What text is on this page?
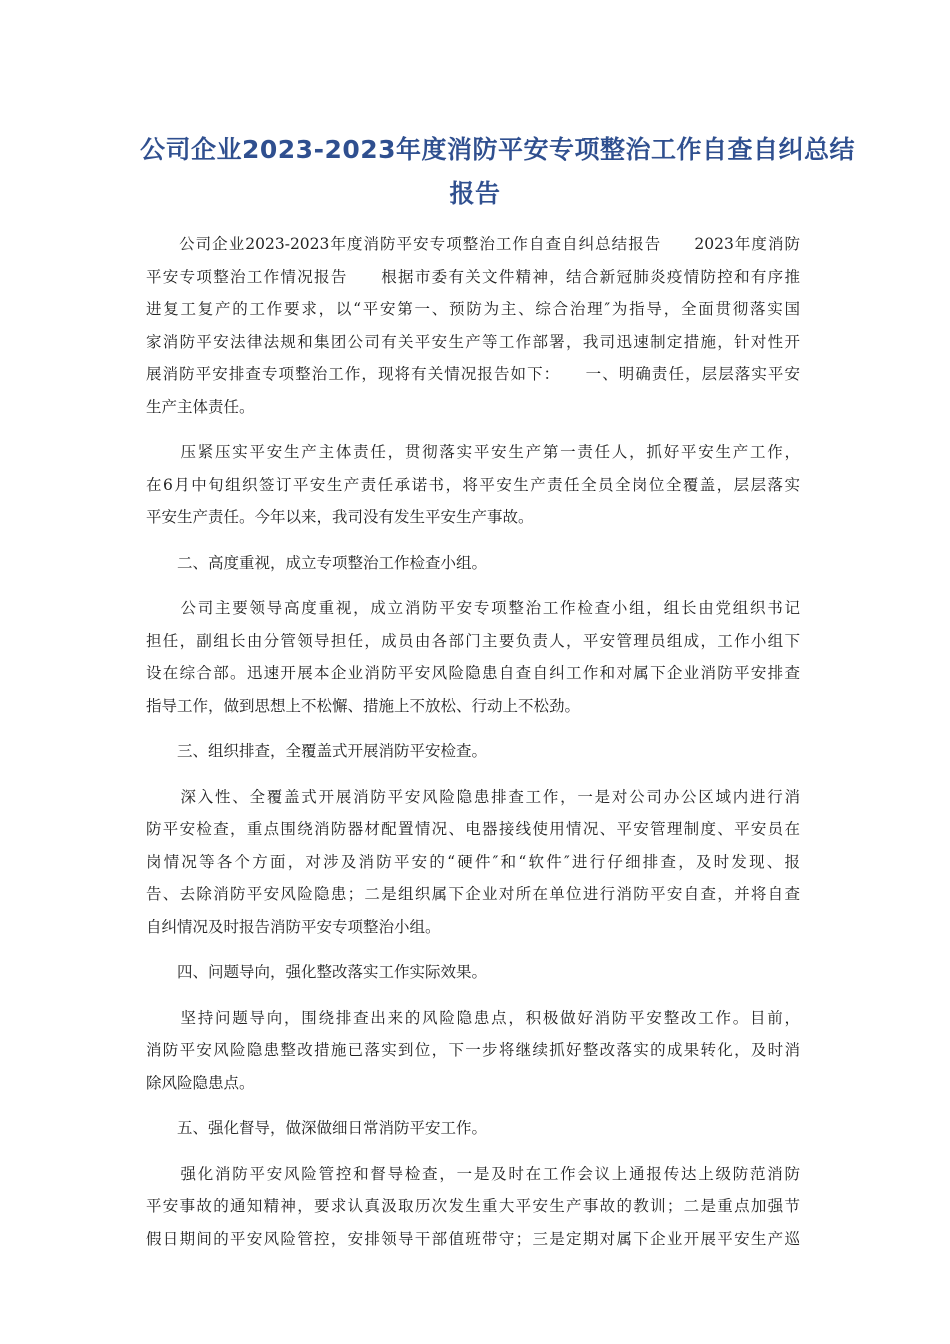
公司企业2023-2023年度消防平安专项整治工作自查自纠总结
报告

　　公司企业2023-2023年度消防平安专项整治工作自查自纠总结报告　　2023年度消防
平安专项整治工作情况报告　　根据市委有关文件精神，结合新冠肺炎疫情防控和有序推
进复工复产的工作要求，以“平安第一、预防为主、综合治理″为指导，全面贯彻落实国
家消防平安法律法规和集团公司有关平安生产等工作部署，我司迅速制定措施，针对性开
展消防平安排查专项整治工作，现将有关情况报告如下：　　一、明确责任，层层落实平安
生产主体责任。

　　压紧压实平安生产主体责任，贯彻落实平安生产第一责任人，抓好平安生产工作，
在6月中旬组织签订平安生产责任承诺书，将平安生产责任全员全岗位全覆盖，层层落实
平安生产责任。今年以来，我司没有发生平安生产事故。

　　二、高度重视，成立专项整治工作检查小组。

　　公司主要领导高度重视，成立消防平安专项整治工作检查小组，组长由党组织书记
担任，副组长由分管领导担任，成员由各部门主要负责人，平安管理员组成，工作小组下
设在综合部。迅速开展本企业消防平安风险隐患自查自纠工作和对属下企业消防平安排查
指导工作，做到思想上不松懈、措施上不放松、行动上不松劲。

　　三、组织排查，全覆盖式开展消防平安检查。

　　深入性、全覆盖式开展消防平安风险隐患排查工作，一是对公司办公区域内进行消
防平安检查，重点围绕消防器材配置情况、电器接线使用情况、平安管理制度、平安员在
岗情况等各个方面，对涉及消防平安的“硬件″和“软件″进行仔细排查，及时发现、报
告、去除消防平安风险隐患；二是组织属下企业对所在单位进行消防平安自查，并将自查
自纠情况及时报告消防平安专项整治小组。

　　四、问题导向，强化整改落实工作实际效果。

　　坚持问题导向，围绕排查出来的风险隐患点，积极做好消防平安整改工作。目前，
消防平安风险隐患整改措施已落实到位，下一步将继续抓好整改落实的成果转化，及时消
除风险隐患点。

　　五、强化督导，做深做细日常消防平安工作。

　　强化消防平安风险管控和督导检查，一是及时在工作会议上通报传达上级防范消防
平安事故的通知精神，要求认真汲取历次发生重大平安生产事故的教训；二是重点加强节
假日期间的平安风险管控，安排领导干部值班带守；三是定期对属下企业开展平安生产巡
